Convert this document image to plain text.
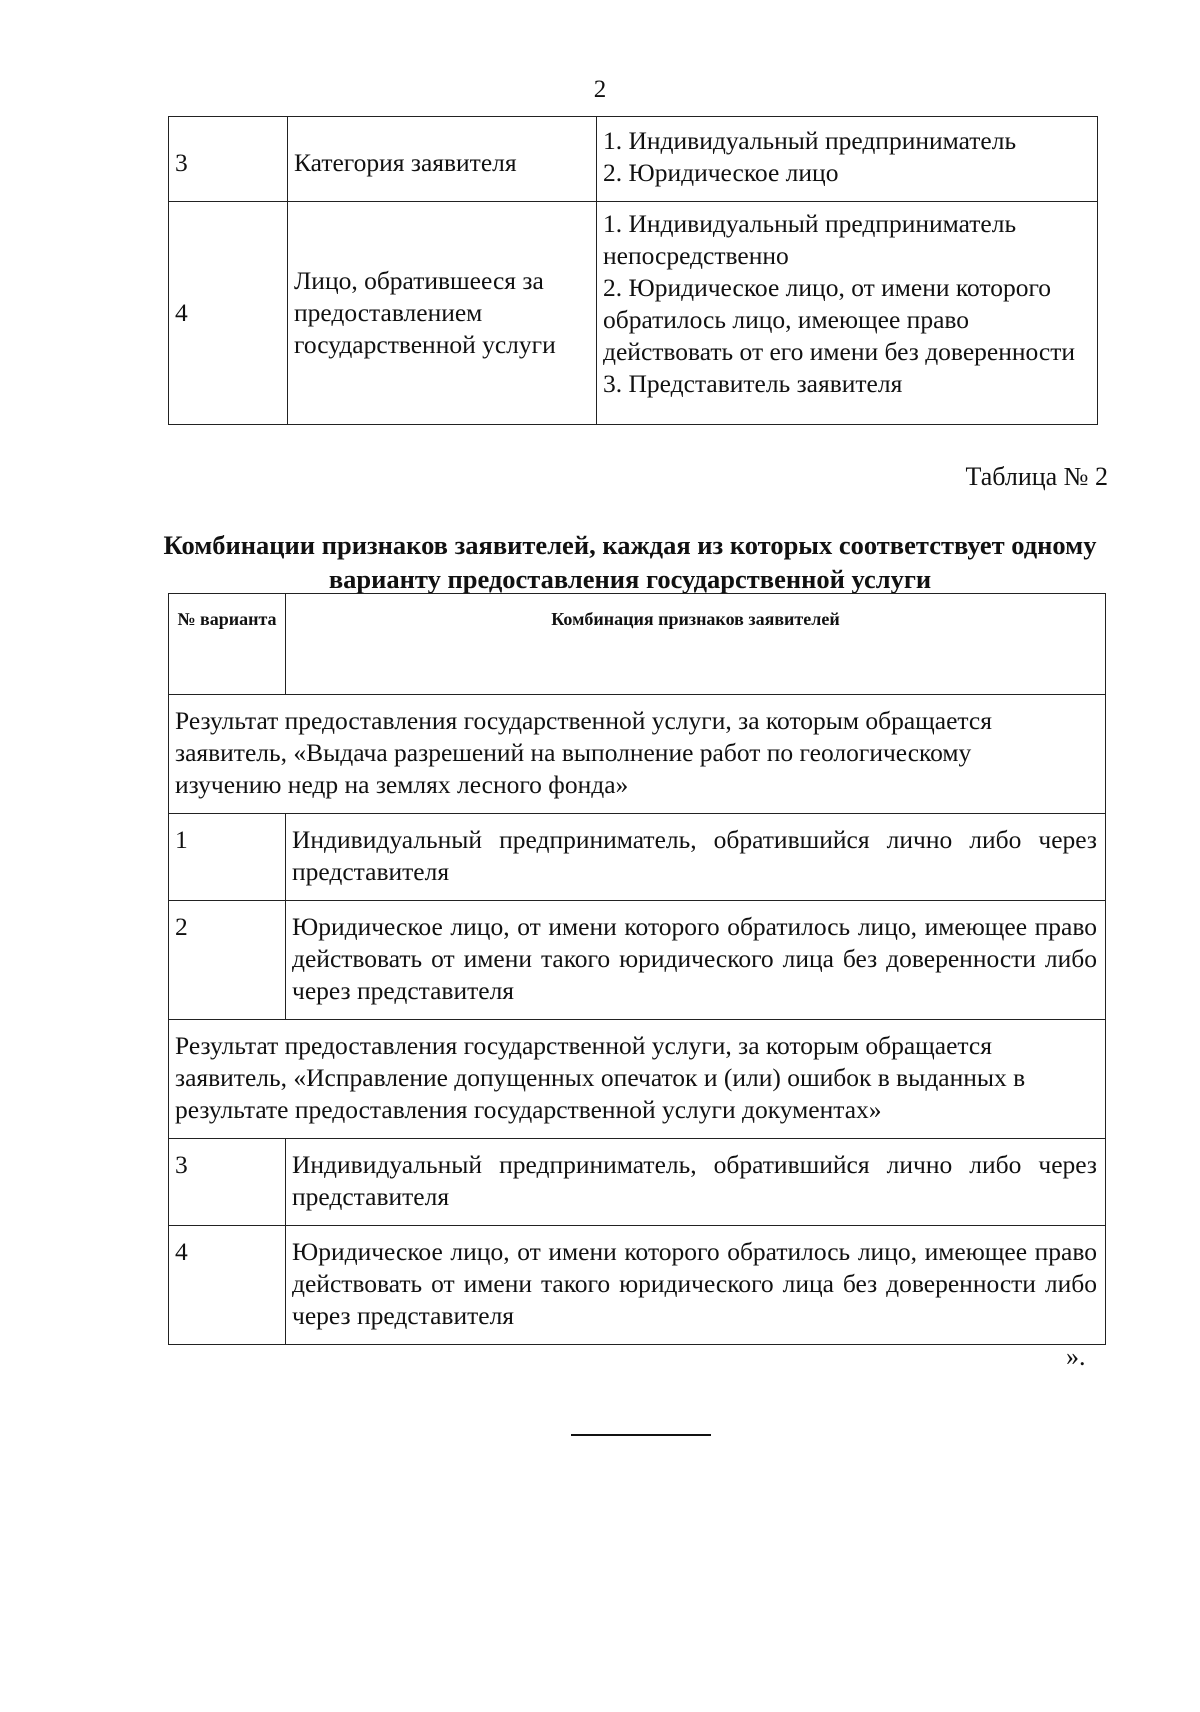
2
3	Категория заявителя	1. Индивидуальный предприниматель
2. Юридическое лицо

4	Лицо, обратившееся за предоставлением государственной услуги	1. Индивидуальный предприниматель непосредственно
2. Юридическое лицо, от имени которого обратилось лицо, имеющее право действовать от его имени без доверенности
3. Представитель заявителя
Таблица № 2

Комбинации признаков заявителей, каждая из которых соответствует одному варианту предоставления государственной услуги

№ варианта	Комбинация признаков заявителей
Результат предоставления государственной услуги, за которым обращается заявитель, «Выдача разрешений на выполнение работ по геологическому изучению недр на землях лесного фонда»	
1	Индивидуальный предприниматель, обратившийся лично либо через представителя
2	Юридическое лицо, от имени которого обратилось лицо, имеющее право действовать от имени такого юридического лица без доверенности либо через представителя
Результат предоставления государственной услуги, за которым обращается заявитель, «Исправление допущенных опечаток и (или) ошибок в выданных в результате предоставления государственной услуги документах»	
3	Индивидуальный предприниматель, обратившийся лично либо через представителя
4	Юридическое лицо, от имени которого обратилось лицо, имеющее право действовать от имени такого юридического лица без доверенности либо через представителя
».
